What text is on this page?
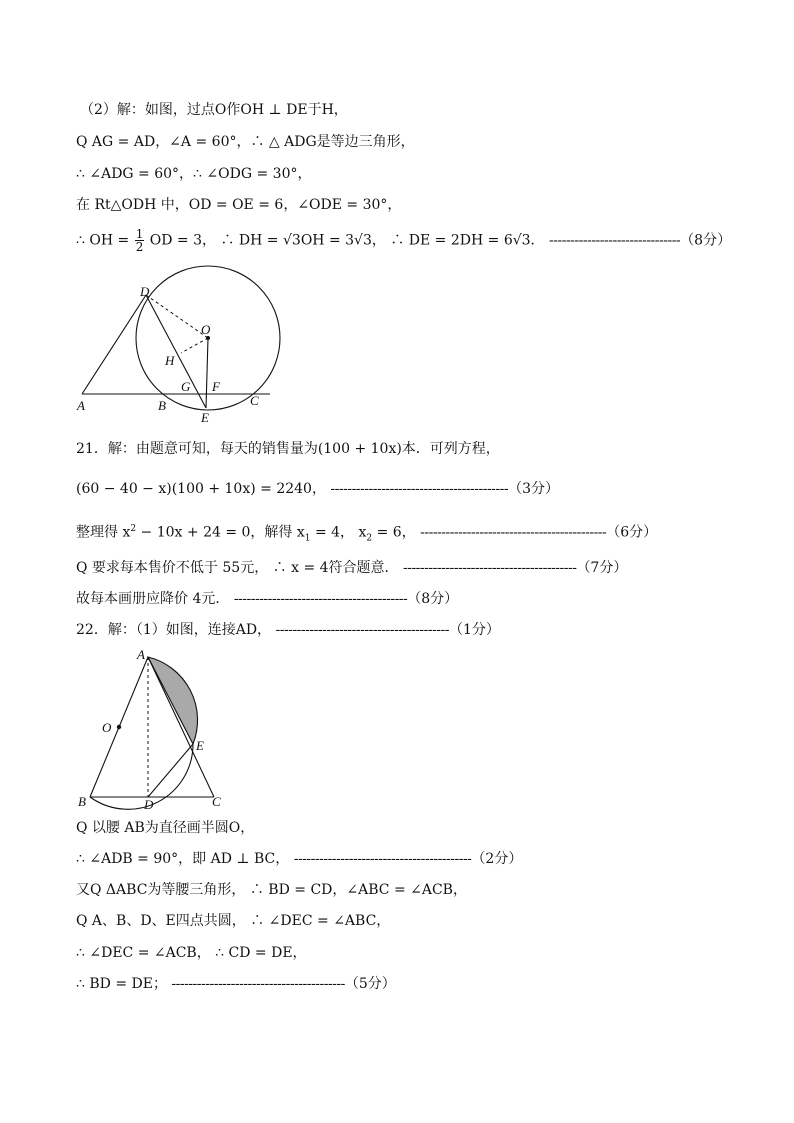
（2）解：如图，过点O作OH ⊥ DE于H，
Q AG = AD，∠A = 60°，∴ △ ADG是等边三角形，
∴ ∠ADG = 60°，∴ ∠ODG = 30°，
在 Rt△ODH 中，OD = OE = 6，∠ODE = 30°，
∴ OH = $\frac{1}{2}$ OD = 3， ∴ DH = √3OH = 3√3， ∴ DE = 2DH = 6√3． -------------------------------（8分）
D
O
H
G F
A	B
E
C
21．解：由题意可知，每天的销售量为(100 + 10x)本．可列方程，
(60 − 40 − x)(100 + 10x) = 2240， ------------------------------------------（3分）
整理得 $x^2 - 10x + 24 = 0$，解得 $x_1 = 4$， $x_2 = 6$， --------------------------------------------（6分）
Q 要求每本售价不低于 55元， ∴ x = 4符合题意． -----------------------------------------（7分）
故每本画册应降价 4元． -----------------------------------------（8分）
22．解：（1）如图，连接AD， -----------------------------------------（1分）
A
O
E
B	D	C
Q 以腰 AB为直径画半圆O，
∴ ∠ADB = 90°，即 AD ⊥ BC， ------------------------------------------（2分）
又Q ΔABC为等腰三角形， ∴ BD = CD，∠ABC = ∠ACB，
Q A、B、D、E四点共圆， ∴ ∠DEC = ∠ABC，
∴ ∠DEC = ∠ACB， ∴ CD = DE，
∴ BD = DE； -----------------------------------------（5分）
